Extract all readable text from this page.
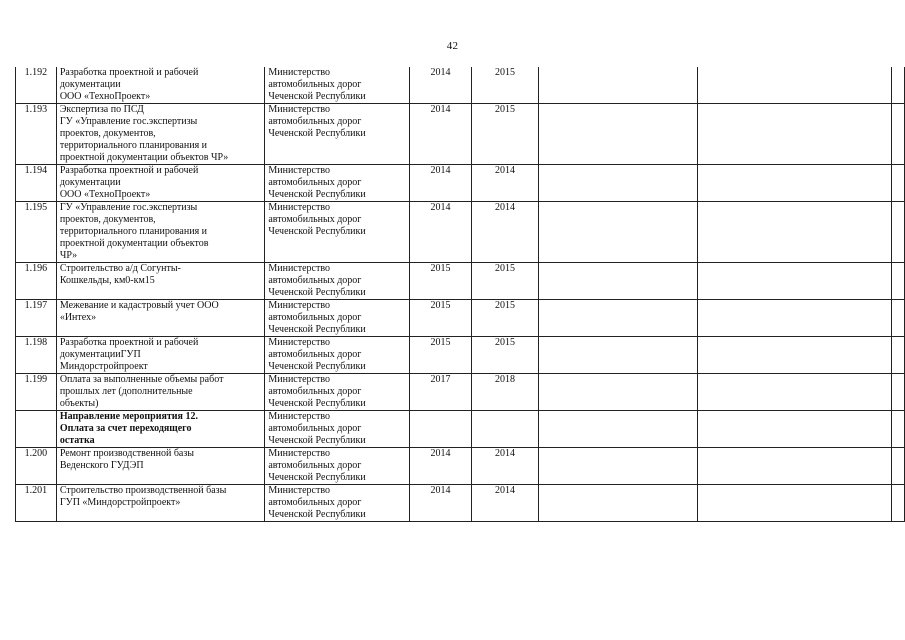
42
1.192	Разработка проектной и рабочей
документации
ООО «ТехноПроект»	Министерство
автомобильных дорог
Чеченской Республики	2014	2015			
1.193	Экспертиза по ПСД
ГУ «Управление гос.экспертизы
проектов, документов,
территориального планирования и
проектной документации объектов ЧР»	Министерство
автомобильных дорог
Чеченской Республики	2014	2015			
1.194	Разработка проектной и рабочей
документации
ООО «ТехноПроект»	Министерство
автомобильных дорог
Чеченской Республики	2014	2014			
1.195	ГУ «Управление гос.экспертизы
проектов, документов,
территориального планирования и
проектной документации объектов
ЧР»	Министерство
автомобильных дорог
Чеченской Республики	2014	2014			
1.196	Строительство а/д Согунты-
Кошкельды, км0-км15	Министерство
автомобильных дорог
Чеченской Республики	2015	2015			
1.197	Межевание и кадастровый учет ООО
«Интех»	Министерство
автомобильных дорог
Чеченской Республики	2015	2015			
1.198	Разработка проектной и рабочей
документацииГУП
Миндорстройпроект	Министерство
автомобильных дорог
Чеченской Республики	2015	2015			
1.199	Оплата за выполненные объемы работ
прошлых лет (дополнительные
объекты)	Министерство
автомобильных дорог
Чеченской Республики	2017	2018			

	Направление мероприятия 12.
Оплата за счет переходящего
остатка	Министерство
автомобильных дорог
Чеченской Республики					

1.200	Ремонт производственной базы
Веденского ГУДЭП	Министерство
автомобильных дорог
Чеченской Республики	2014	2014			
1.201	Строительство производственной базы
ГУП «Миндорстройпроект»	Министерство
автомобильных дорог
Чеченской Республики	2014	2014			
